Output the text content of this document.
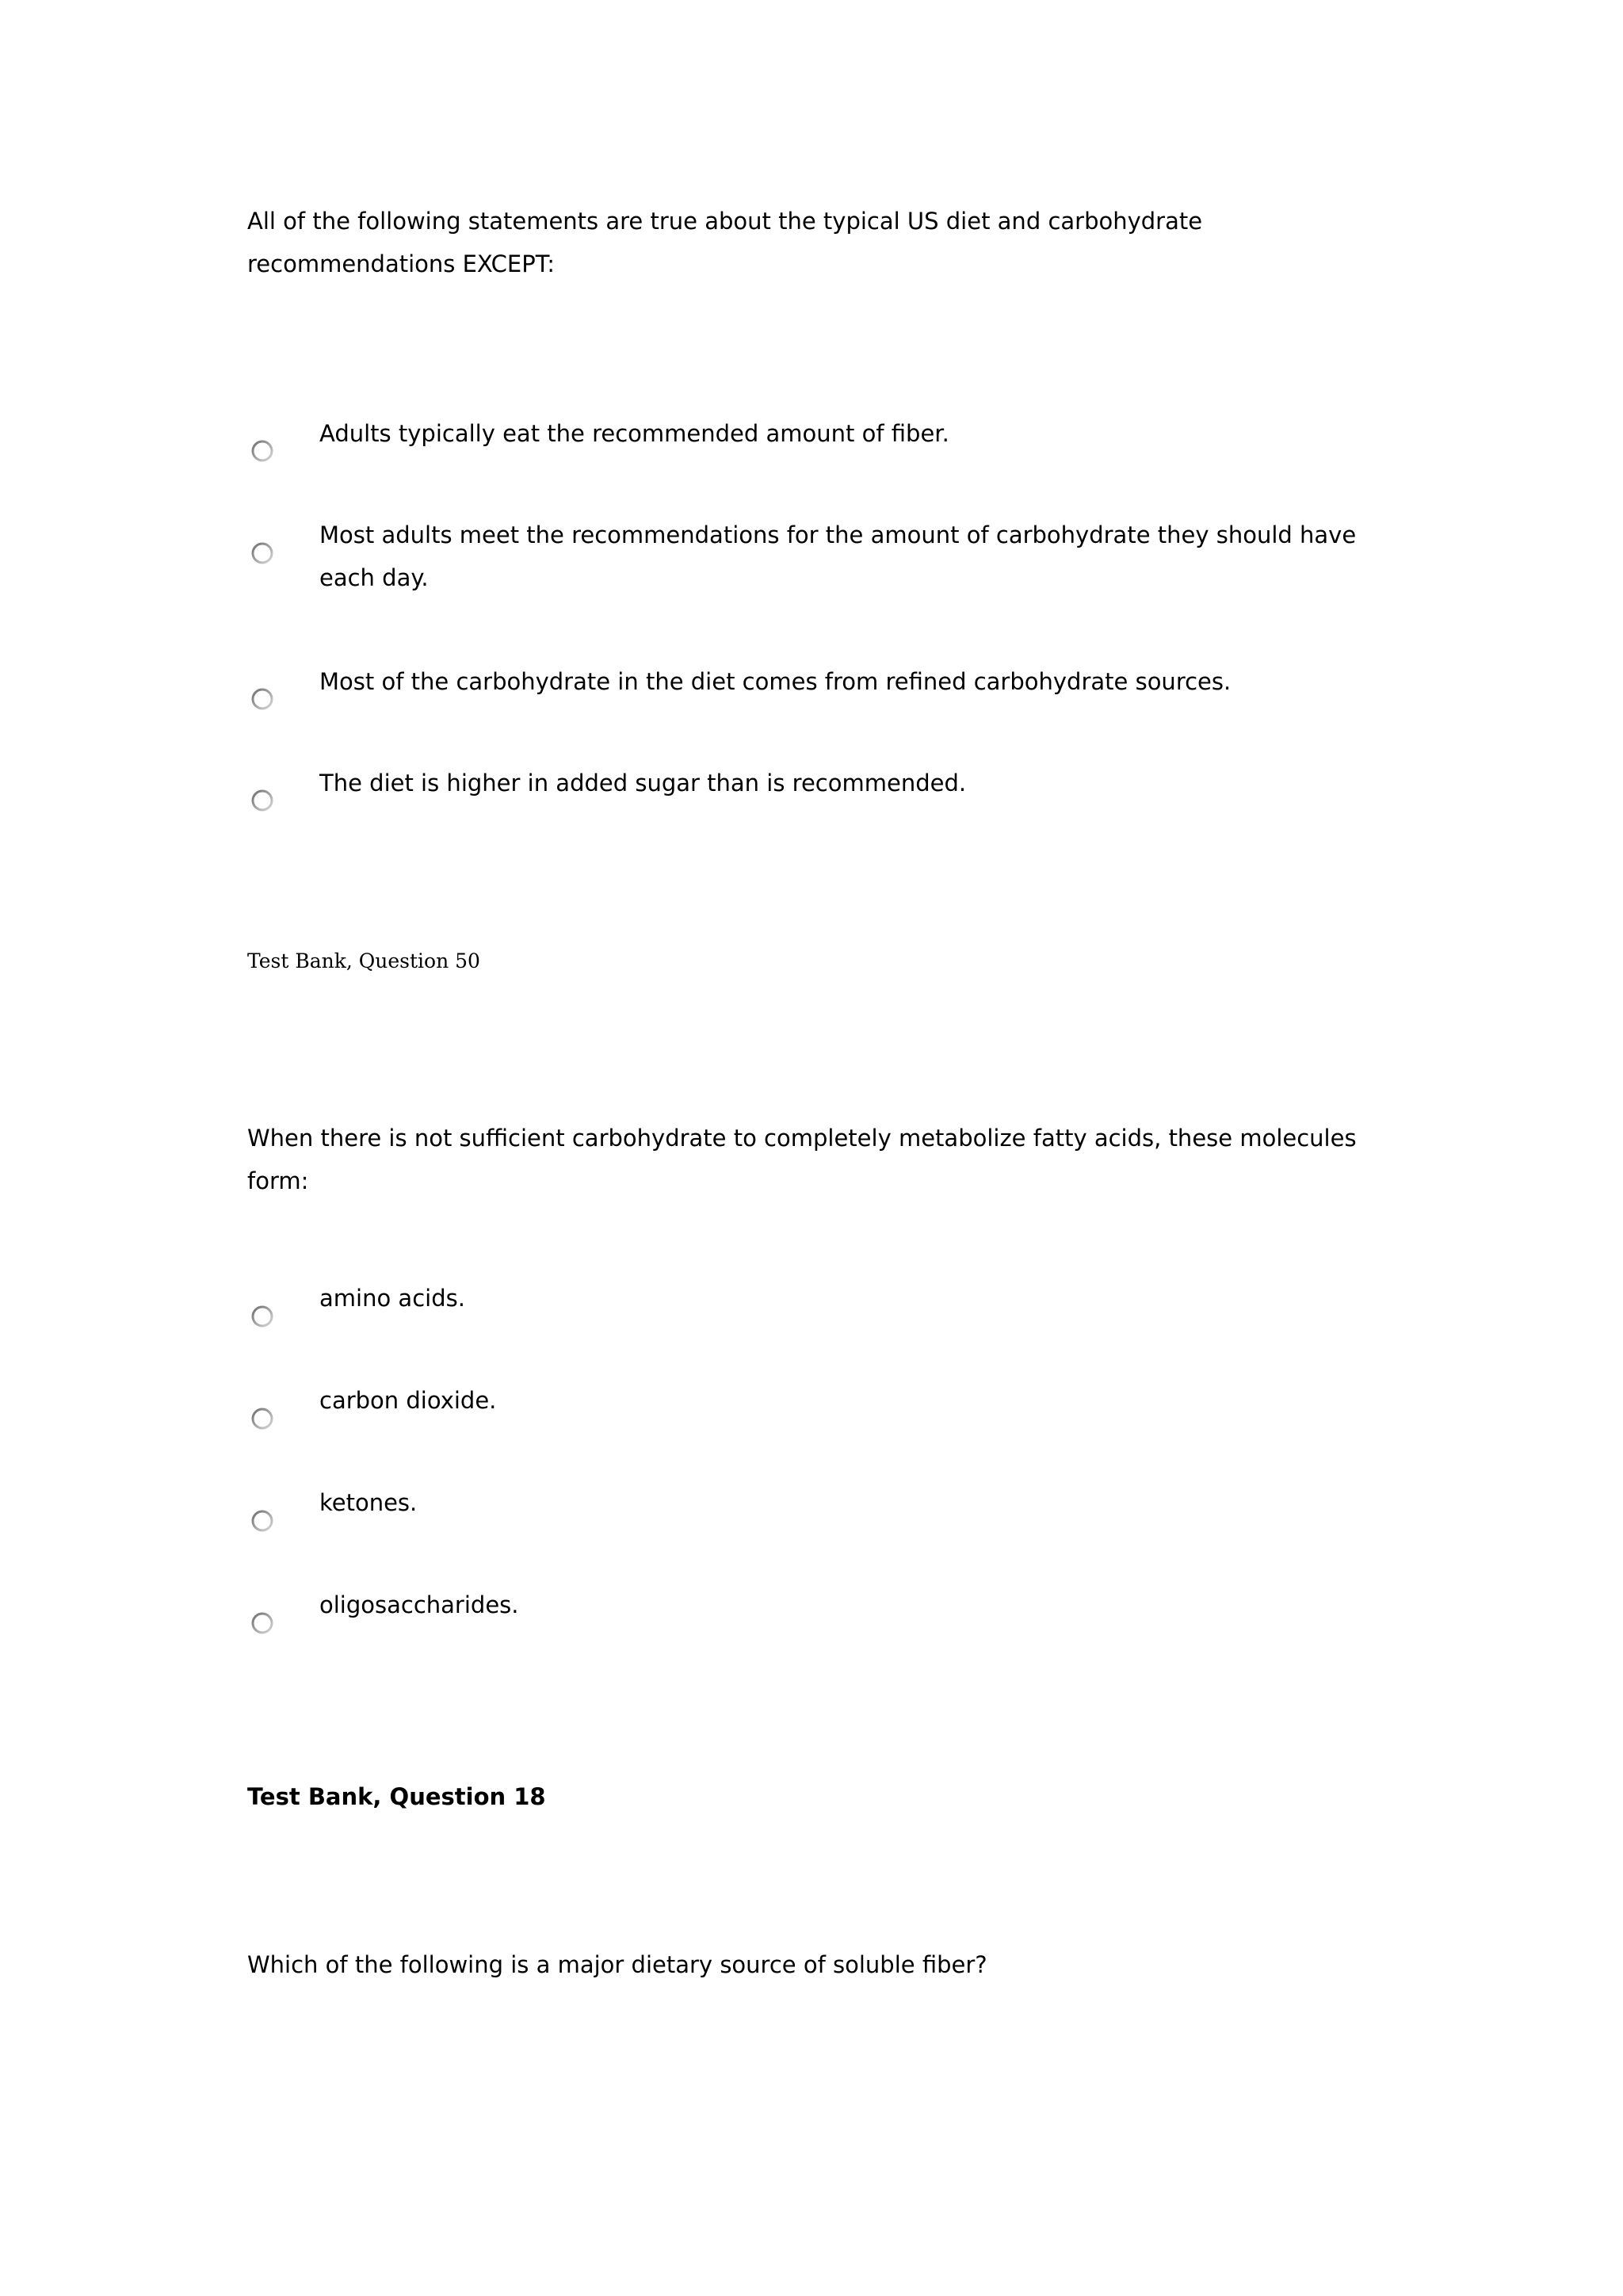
All of the following statements are true about the typical US diet and carbohydrate recommendations EXCEPT:

Adults typically eat the recommended amount of fiber.

Most adults meet the recommendations for the amount of carbohydrate they should have each day.

Most of the carbohydrate in the diet comes from refined carbohydrate sources.

The diet is higher in added sugar than is recommended.

Test Bank, Question 50

When there is not sufficient carbohydrate to completely metabolize fatty acids, these molecules form:

amino acids.

carbon dioxide.

ketones.

oligosaccharides.

Test Bank, Question 18

Which of the following is a major dietary source of soluble fiber?
